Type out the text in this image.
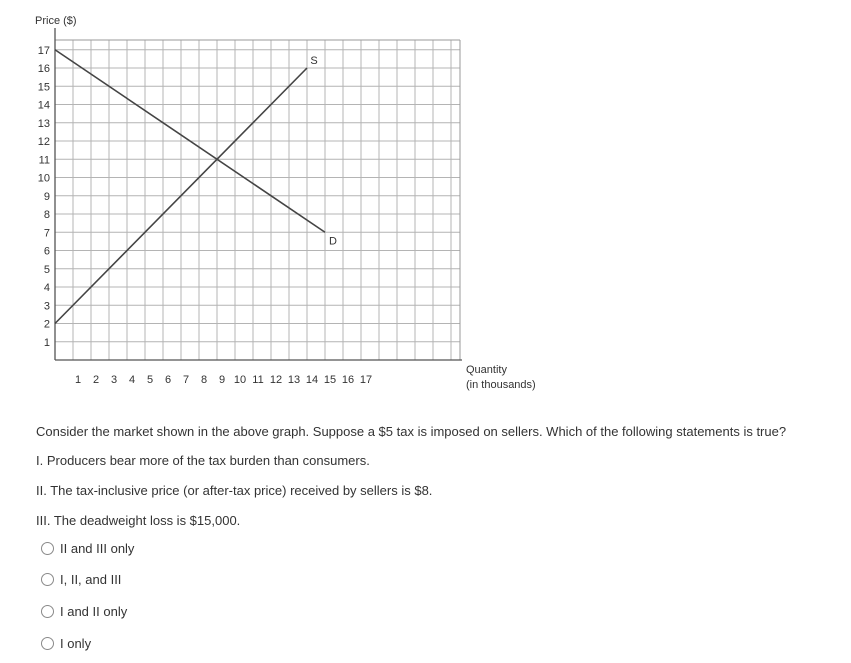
1
2
3
4
5
6
7
8
9
10
11
12
13
14
15
16
17
1 2 3 4 5 6 7 8 9 10 11 12 13 14 15 16 17
S
D
Price ($)
Quantity
(in thousands)

Consider the market shown in the above graph. Suppose a $5 tax is imposed on sellers. Which of the following statements is true?

I. Producers bear more of the tax burden than consumers.

II. The tax-inclusive price (or after-tax price) received by sellers is $8.

III. The deadweight loss is $15,000.

II and III only
I, II, and III
I and II only
I only
